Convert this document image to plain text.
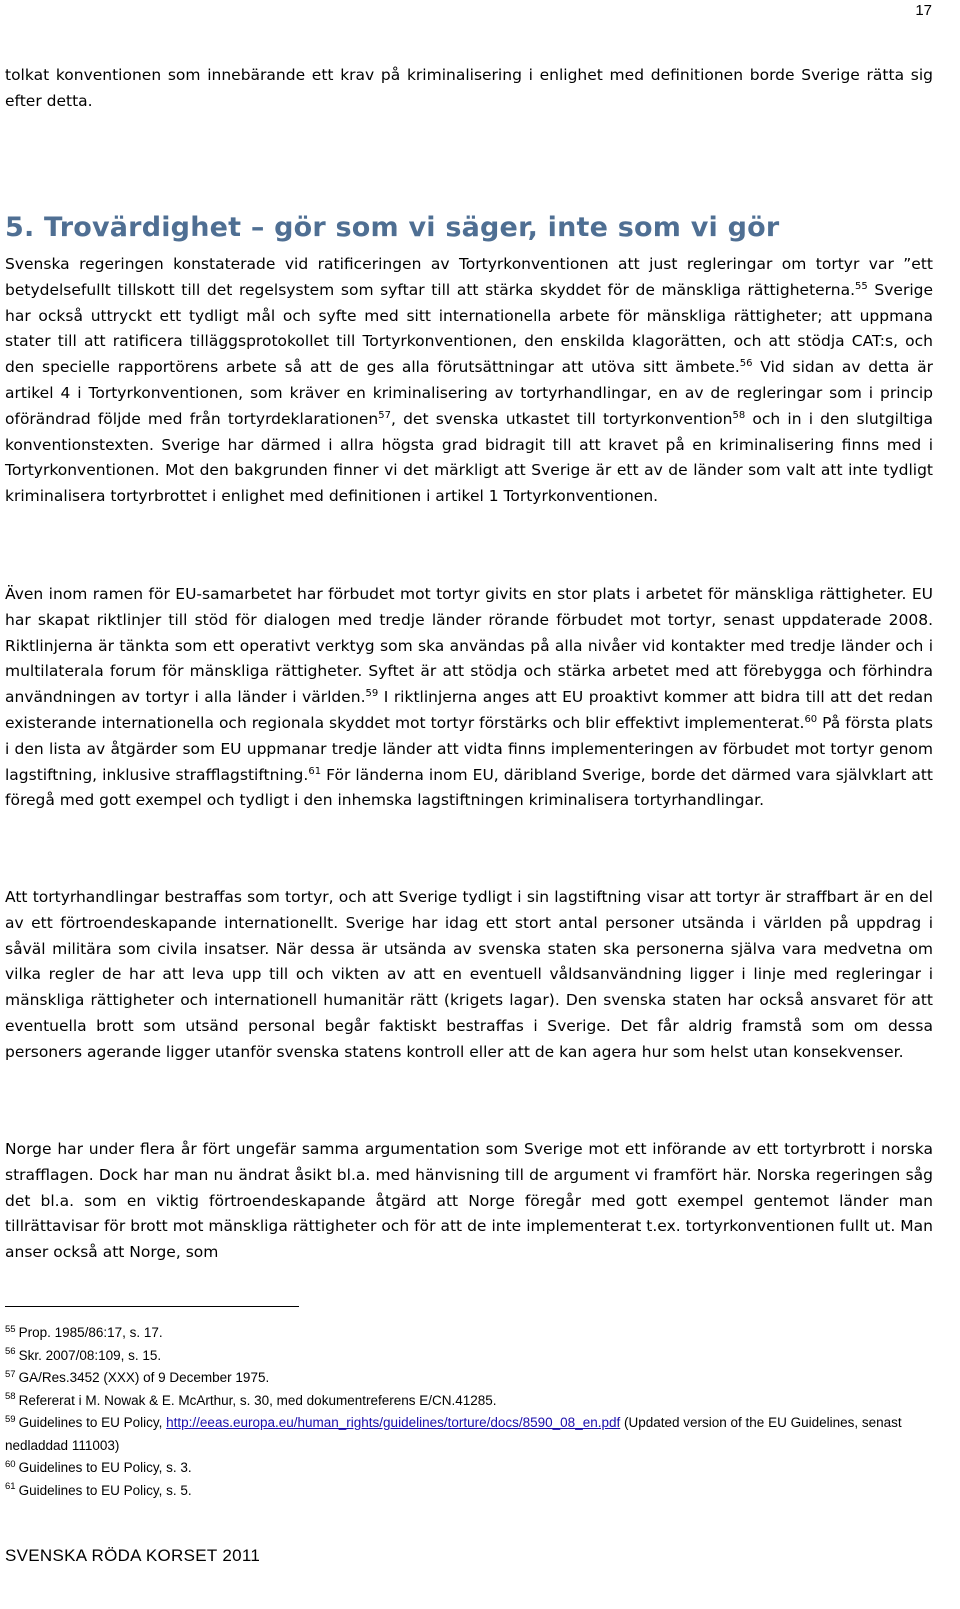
17

tolkat konventionen som innebärande ett krav på kriminalisering i enlighet med definitionen borde Sverige rätta sig efter detta.

5. Trovärdighet – gör som vi säger, inte som vi gör

Svenska regeringen konstaterade vid ratificeringen av Tortyrkonventionen att just regleringar om tortyr var ”ett betydelsefullt tillskott till det regelsystem som syftar till att stärka skyddet för de mänskliga rättigheterna.$^{55}$ Sverige har också uttryckt ett tydligt mål och syfte med sitt internationella arbete för mänskliga rättigheter; att uppmana stater till att ratificera tilläggsprotokollet till Tortyrkonventionen, den enskilda klagorätten, och att stödja CAT:s, och den specielle rapportörens arbete så att de ges alla förutsättningar att utöva sitt ämbete.$^{56}$ Vid sidan av detta är artikel 4 i Tortyrkonventionen, som kräver en kriminalisering av tortyrhandlingar, en av de regleringar som i princip oförändrad följde med från tortyrdeklarationen$^{57}$, det svenska utkastet till tortyrkonvention$^{58}$ och in i den slutgiltiga konventionstexten. Sverige har därmed i allra högsta grad bidragit till att kravet på en kriminalisering finns med i Tortyrkonventionen. Mot den bakgrunden finner vi det märkligt att Sverige är ett av de länder som valt att inte tydligt kriminalisera tortyrbrottet i enlighet med definitionen i artikel 1 Tortyrkonventionen.

Även inom ramen för EU-samarbetet har förbudet mot tortyr givits en stor plats i arbetet för mänskliga rättigheter. EU har skapat riktlinjer till stöd för dialogen med tredje länder rörande förbudet mot tortyr, senast uppdaterade 2008. Riktlinjerna är tänkta som ett operativt verktyg som ska användas på alla nivåer vid kontakter med tredje länder och i multilaterala forum för mänskliga rättigheter. Syftet är att stödja och stärka arbetet med att förebygga och förhindra användningen av tortyr i alla länder i världen.$^{59}$ I riktlinjerna anges att EU proaktivt kommer att bidra till att det redan existerande internationella och regionala skyddet mot tortyr förstärks och blir effektivt implementerat.$^{60}$ På första plats i den lista av åtgärder som EU uppmanar tredje länder att vidta finns implementeringen av förbudet mot tortyr genom lagstiftning, inklusive strafflagstiftning.$^{61}$ För länderna inom EU, däribland Sverige, borde det därmed vara självklart att föregå med gott exempel och tydligt i den inhemska lagstiftningen kriminalisera tortyrhandlingar.

Att tortyrhandlingar bestraffas som tortyr, och att Sverige tydligt i sin lagstiftning visar att tortyr är straffbart är en del av ett förtroendeskapande internationellt. Sverige har idag ett stort antal personer utsända i världen på uppdrag i såväl militära som civila insatser. När dessa är utsända av svenska staten ska personerna själva vara medvetna om vilka regler de har att leva upp till och vikten av att en eventuell våldsanvändning ligger i linje med regleringar i mänskliga rättigheter och internationell humanitär rätt (krigets lagar). Den svenska staten har också ansvaret för att eventuella brott som utsänd personal begår faktiskt bestraffas i Sverige. Det får aldrig framstå som om dessa personers agerande ligger utanför svenska statens kontroll eller att de kan agera hur som helst utan konsekvenser.

Norge har under flera år fört ungefär samma argumentation som Sverige mot ett införande av ett tortyrbrott i norska strafflagen. Dock har man nu ändrat åsikt bl.a. med hänvisning till de argument vi framfört här. Norska regeringen såg det bl.a. som en viktig förtroendeskapande åtgärd att Norge föregår med gott exempel gentemot länder man tillrättavisar för brott mot mänskliga rättigheter och för att de inte implementerat t.ex. tortyrkonventionen fullt ut. Man anser också att Norge, som

$^{55}$ Prop. 1985/86:17, s. 17.
$^{56}$ Skr. 2007/08:109, s. 15.
$^{57}$ GA/Res.3452 (XXX) of 9 December 1975.
$^{58}$ Refererat i M. Nowak & E. McArthur, s. 30, med dokumentreferens E/CN.41285.
$^{59}$ Guidelines to EU Policy, http://eeas.europa.eu/human_rights/guidelines/torture/docs/8590_08_en.pdf (Updated version of the EU Guidelines, senast nedladdad 111003)
$^{60}$ Guidelines to EU Policy, s. 3.
$^{61}$ Guidelines to EU Policy, s. 5.
SVENSKA RÖDA KORSET 2011
